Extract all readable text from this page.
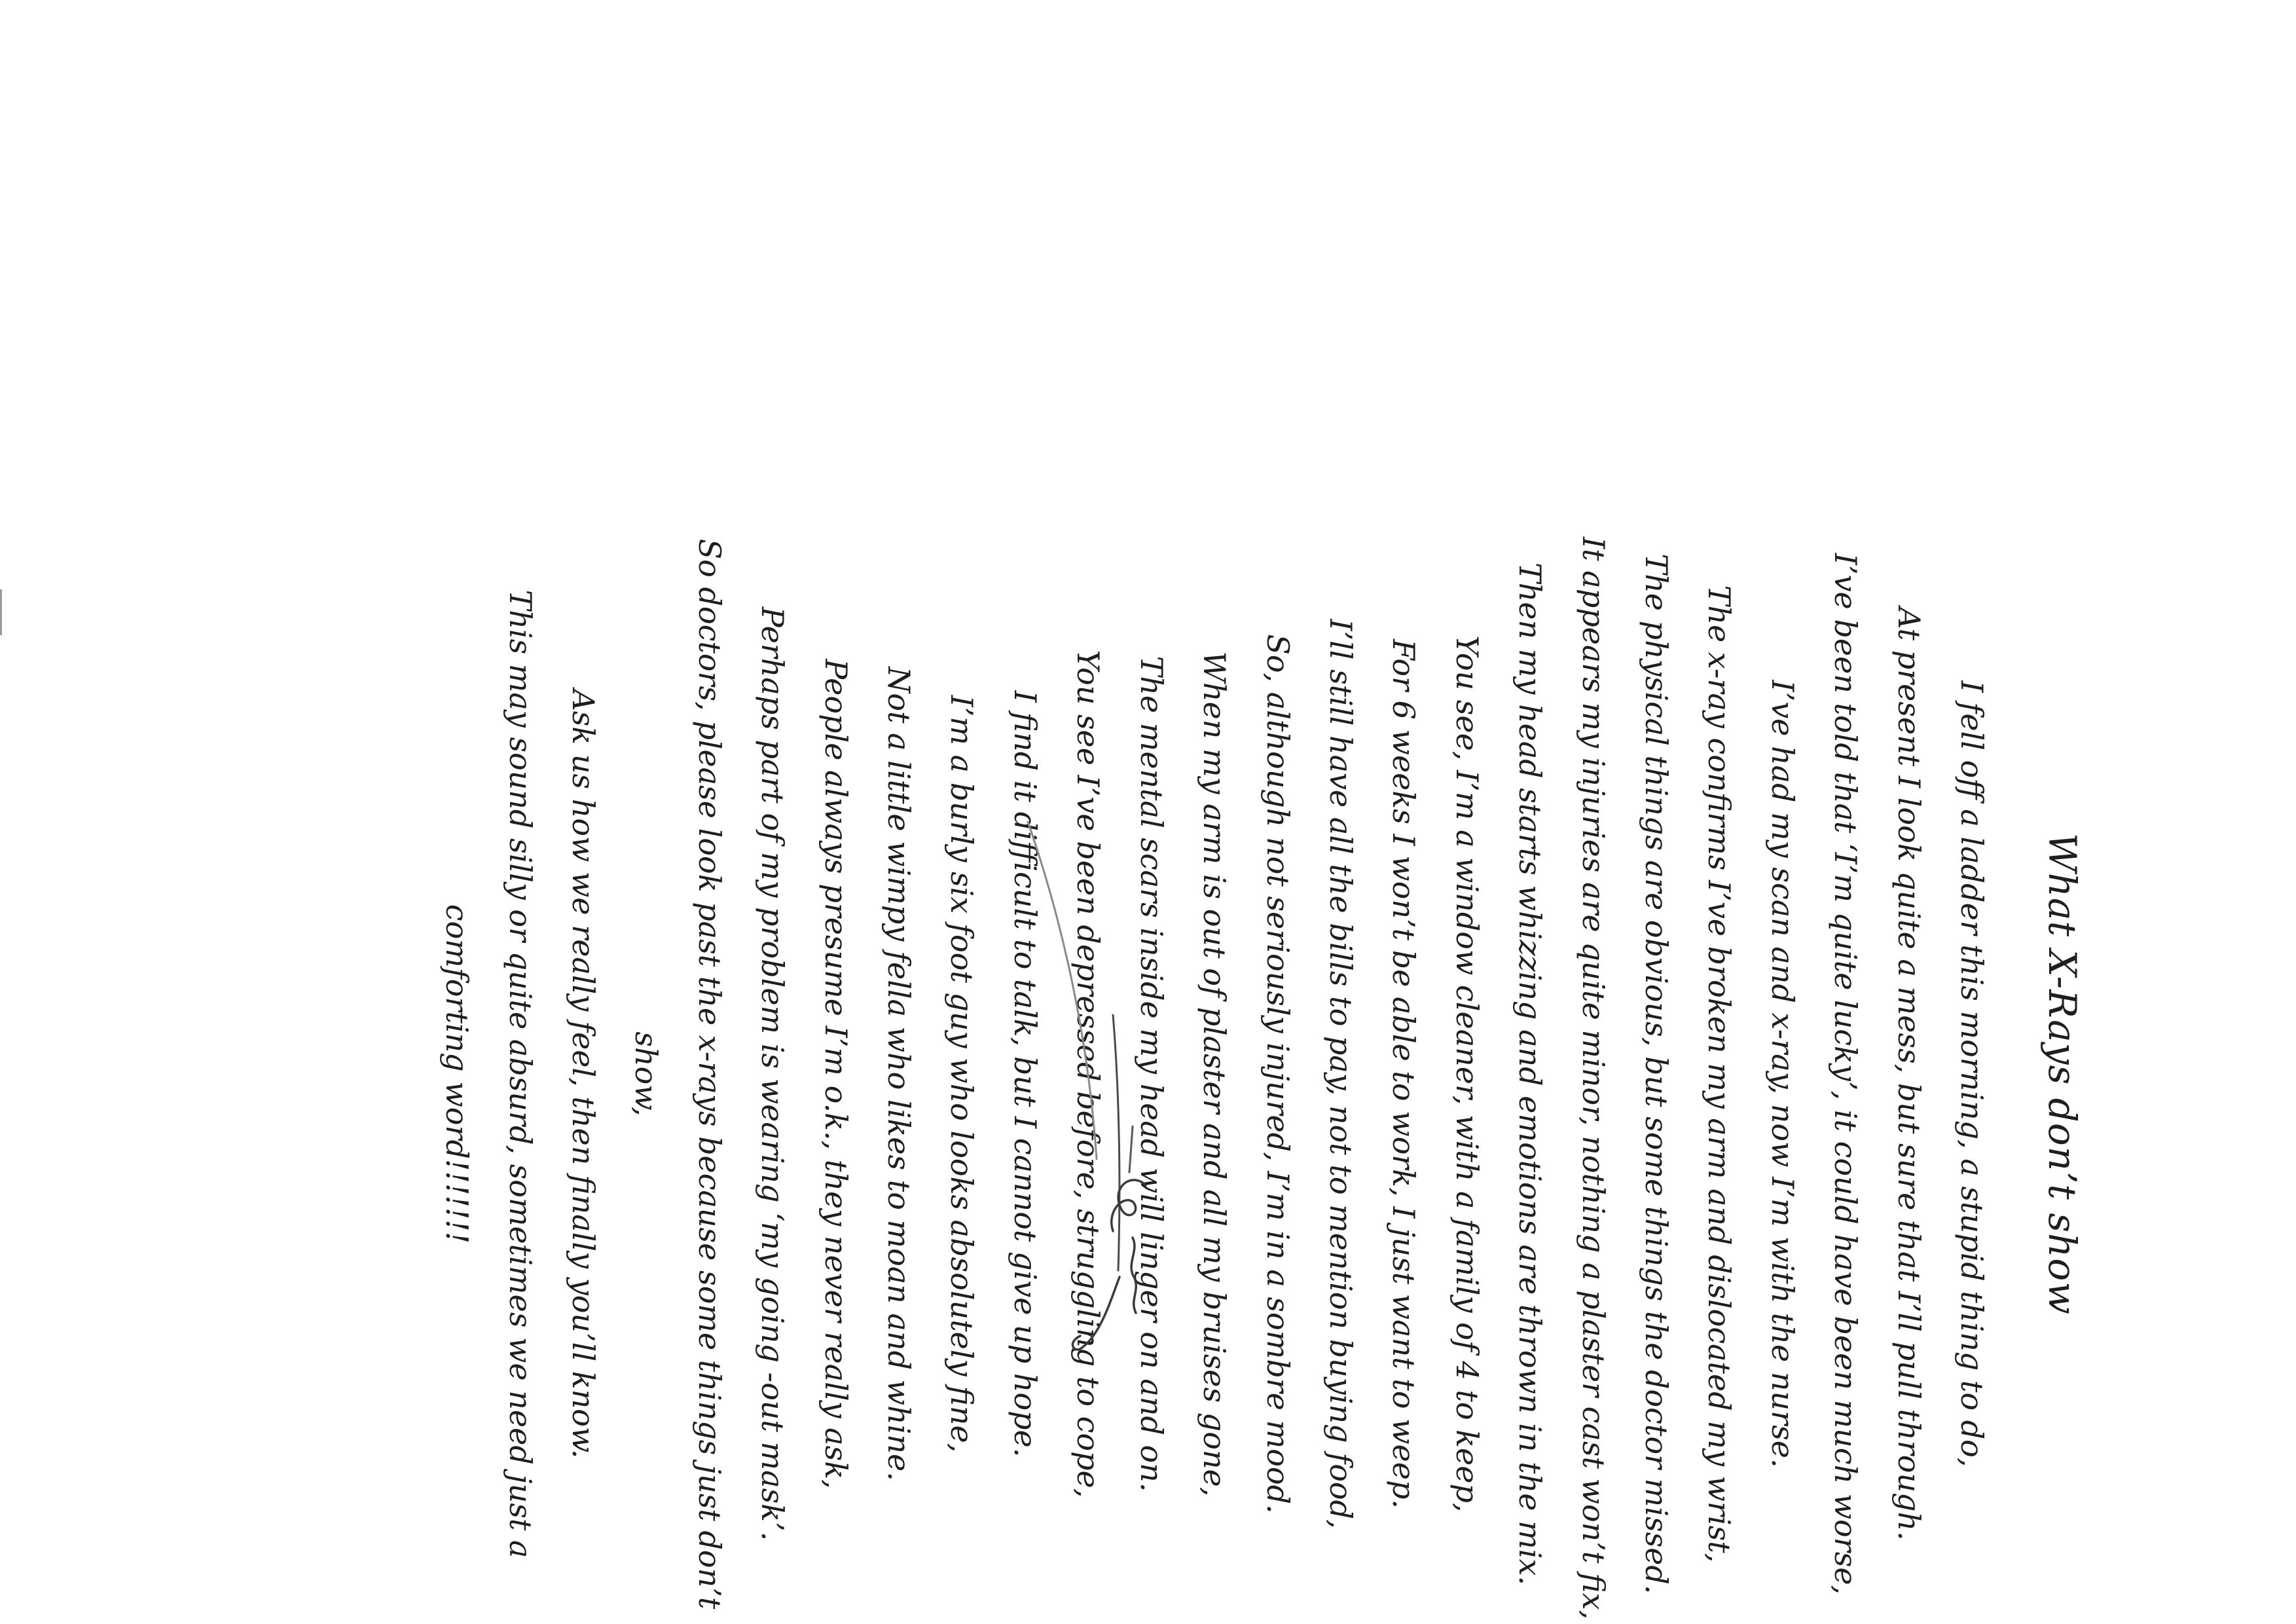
What X-Rays don’t show

I fell off a ladder this morning, a stupid thing to do,

At present I look quite a mess, but sure that I’ll pull through.

I’ve been told that ‘I’m quite lucky’, it could have been much worse,

I’ve had my scan and x-ray, now I’m with the nurse.

The x-ray confirms I’ve broken my arm and dislocated my wrist,

The physical things are obvious, but some things the doctor missed.

It appears my injuries are quite minor, nothing a plaster cast won’t fix,

Then my head starts whizzing and emotions are thrown in the mix.

You see, I’m a window cleaner, with a family of 4 to keep,

For 6 weeks I won’t be able to work, I just want to weep.

I’ll still have all the bills to pay, not to mention buying food,

So, although not seriously injured, I’m in a sombre mood.

When my arm is out of plaster and all my bruises gone,

The mental scars inside my head will linger on and on.

You see I’ve been depressed before, struggling to cope,

I find it difficult to talk, but I cannot give up hope.

I’m a burly six foot guy who looks absolutely fine,

Not a little wimpy fella who likes to moan and whine.

People always presume I’m o.k., they never really ask,

Perhaps part of my problem is wearing ‘my going -out mask’.

So doctors, please look past the x-rays because some things just don’t

show,

Ask us how we really feel, then finally you’ll know.

This may sound silly or quite absurd, sometimes we need just a

comforting word!!!!!!!
